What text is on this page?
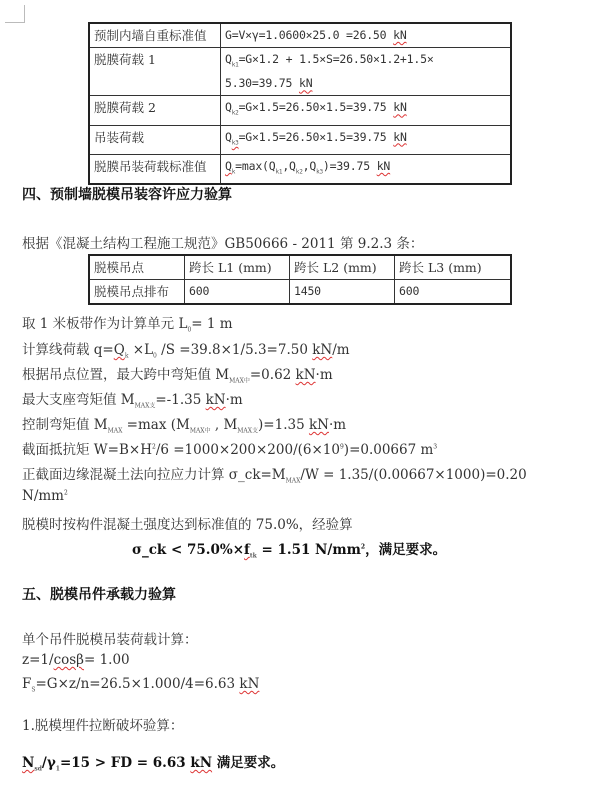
预制内墙自重标准值	G=V×γ=1.0600×25.0 =26.50 kN
脱膜荷载 1	$Q_{k1}=G\times 1.2 + 1.5\times S=26.50\times 1.2+1.5\times$
5.30=39.75 kN
脱膜荷载 2	$Q_{k2}=G\times 1.5=26.50\times 1.5=39.75$ kN
吊装荷载	$Q_{k3}=G\times 1.5=26.50\times 1.5=39.75$ kN
脱膜吊装荷载标准值	$Q_k=\max(Q_{k1},Q_{k2},Q_{k3})=39.75$ kN
四、预制墙脱模吊装容许应力验算
根据《混凝土结构工程施工规范》GB50666 - 2011 第 9.2.3 条：
脱模吊点	跨长 L1 (mm)	跨长 L2 (mm)	跨长 L3 (mm)
脱模吊点排布	600	1450	600
取 1 米板带作为计算单元 $L_0= 1$ m
计算线荷载 $q=Q_k \times L_0$ /S =39.8×1/5.3=7.50 kN/m
根据吊点位置，最大跨中弯矩值 $M_{MAX中}=0.62$ kN·m
最大支座弯矩值 $M_{MAX支}=-1.35$ kN·m
控制弯矩值 $M_{MAX} =\max$ ($M_{MAX中}$ , $M_{MAX支})=1.35$ kN·m
截面抵抗矩 $W=B\times H^2/6 =1000\times 200\times 200/(6\times 10^9)=0.00667$ $m^3$
正截面边缘混凝土法向拉应力计算 $\sigma\_ck=M_{MAX}/W = 1.35/(0.00667\times 1000)=0.20$
$N/mm^2$
脱模时按构件混凝土强度达到标准值的 75.0%，经验算
σ_ck < $75.0\%\times f_{tk} = 1.51$ $N/mm^2$，满足要求。
五、脱模吊件承载力验算
单个吊件脱模吊装荷载计算：
z=1/cosβ= 1.00
$F_S=G\times z/n=26.5\times 1.000/4=6.63$ kN
1.脱模埋件拉断破坏验算：
$N_{sd}/\gamma_1=15$ > FD = 6.63 kN 满足要求。
